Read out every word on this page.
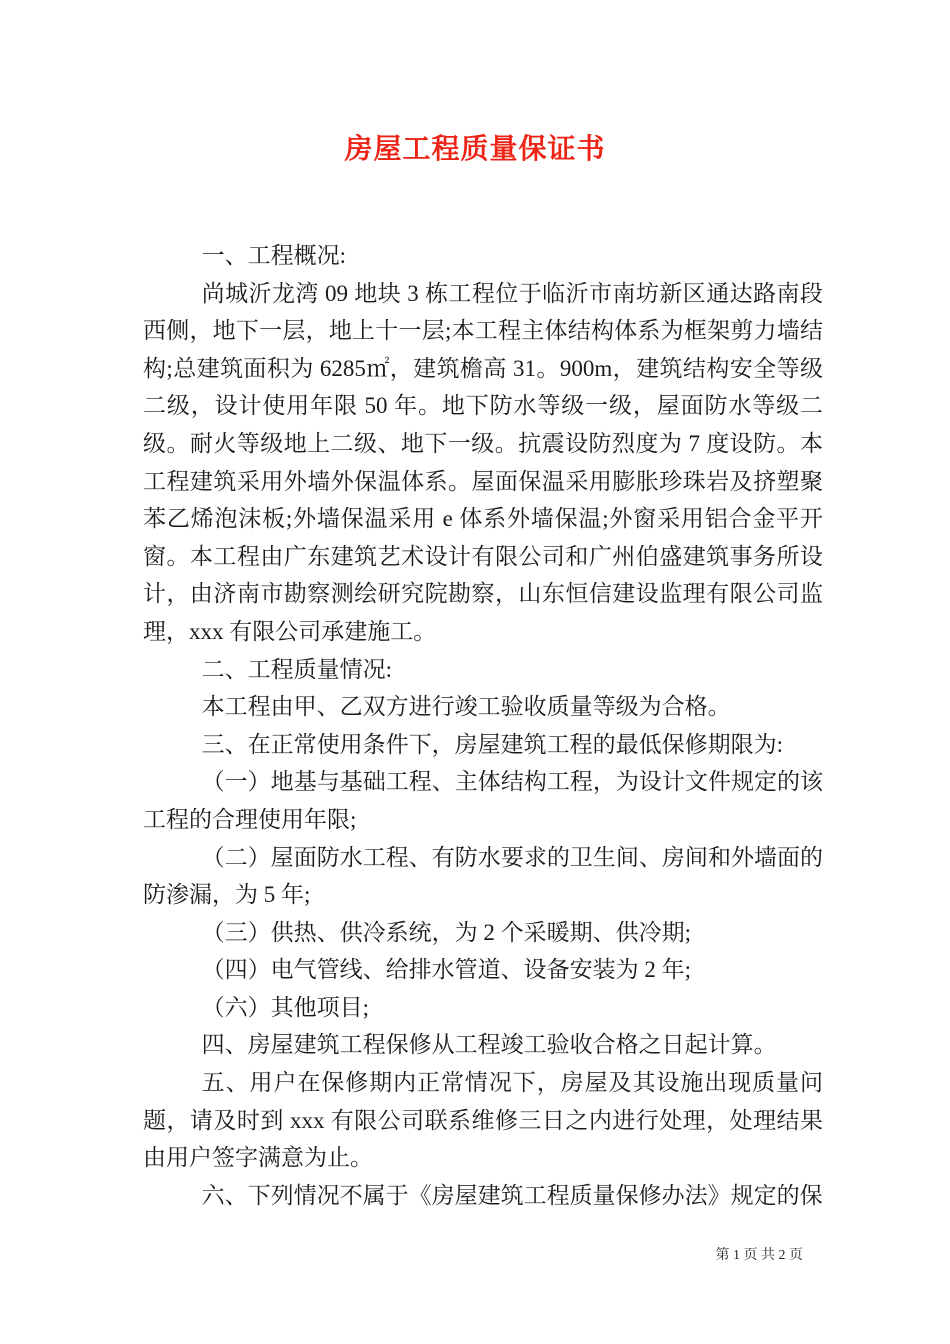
房屋工程质量保证书

一、工程概况:

尚城沂龙湾 09 地块 3 栋工程位于临沂市南坊新区通达路南段西侧，地下一层，地上十一层;本工程主体结构体系为框架剪力墙结构;总建筑面积为 6285㎡，建筑檐高 31。900m，建筑结构安全等级二级，设计使用年限 50 年。地下防水等级一级，屋面防水等级二级。耐火等级地上二级、地下一级。抗震设防烈度为 7 度设防。本工程建筑采用外墙外保温体系。屋面保温采用膨胀珍珠岩及挤塑聚苯乙烯泡沫板;外墙保温采用 e 体系外墙保温;外窗采用铝合金平开窗。本工程由广东建筑艺术设计有限公司和广州伯盛建筑事务所设计，由济南市勘察测绘研究院勘察，山东恒信建设监理有限公司监理，xxx 有限公司承建施工。

二、工程质量情况:

本工程由甲、乙双方进行竣工验收质量等级为合格。

三、在正常使用条件下，房屋建筑工程的最低保修期限为:

（一）地基与基础工程、主体结构工程，为设计文件规定的该工程的合理使用年限;

（二）屋面防水工程、有防水要求的卫生间、房间和外墙面的防渗漏，为 5 年;

（三）供热、供冷系统，为 2 个采暖期、供冷期;

（四）电气管线、给排水管道、设备安装为 2 年;

（六）其他项目;

四、房屋建筑工程保修从工程竣工验收合格之日起计算。

五、用户在保修期内正常情况下，房屋及其设施出现质量问题，请及时到 xxx 有限公司联系维修三日之内进行处理，处理结果由用户签字满意为止。

六、下列情况不属于《房屋建筑工程质量保修办法》规定的保

第 1 页 共 2 页
